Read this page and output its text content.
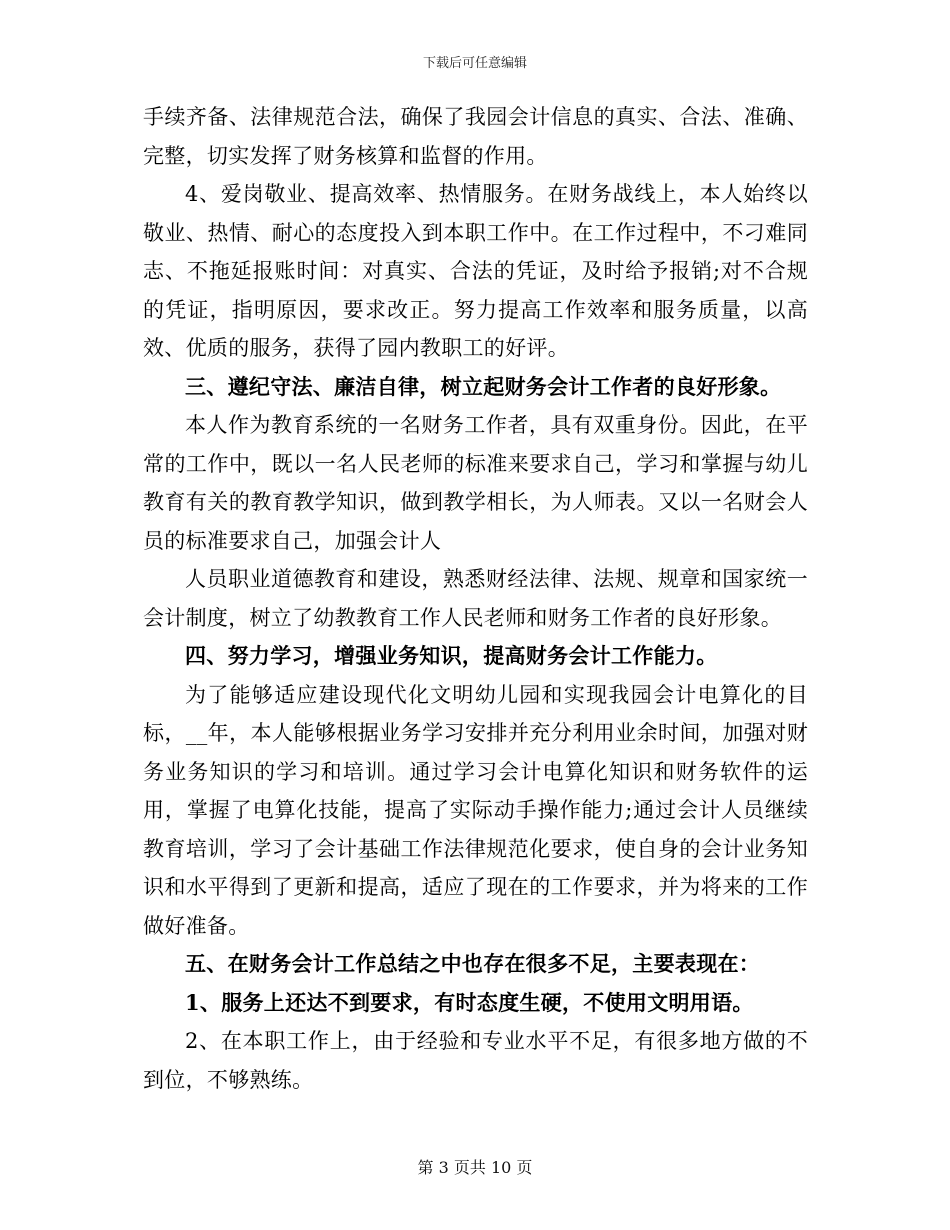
下载后可任意编辑

手续齐备、法律规范合法，确保了我园会计信息的真实、合法、准确、完整，切实发挥了财务核算和监督的作用。

4、爱岗敬业、提高效率、热情服务。在财务战线上，本人始终以敬业、热情、耐心的态度投入到本职工作中。在工作过程中，不刁难同志、不拖延报账时间：对真实、合法的凭证，及时给予报销;对不合规的凭证，指明原因，要求改正。努力提高工作效率和服务质量，以高效、优质的服务，获得了园内教职工的好评。

三、遵纪守法、廉洁自律，树立起财务会计工作者的良好形象。

本人作为教育系统的一名财务工作者，具有双重身份。因此，在平常的工作中，既以一名人民老师的标准来要求自己，学习和掌握与幼儿教育有关的教育教学知识，做到教学相长，为人师表。又以一名财会人员的标准要求自己，加强会计人

人员职业道德教育和建设，熟悉财经法律、法规、规章和国家统一会计制度，树立了幼教教育工作人民老师和财务工作者的良好形象。

四、努力学习，增强业务知识，提高财务会计工作能力。

为了能够适应建设现代化文明幼儿园和实现我园会计电算化的目标，__年，本人能够根据业务学习安排并充分利用业余时间，加强对财务业务知识的学习和培训。通过学习会计电算化知识和财务软件的运用，掌握了电算化技能，提高了实际动手操作能力;通过会计人员继续教育培训，学习了会计基础工作法律规范化要求，使自身的会计业务知识和水平得到了更新和提高，适应了现在的工作要求，并为将来的工作做好准备。

五、在财务会计工作总结之中也存在很多不足，主要表现在：

1、服务上还达不到要求，有时态度生硬，不使用文明用语。

2、在本职工作上，由于经验和专业水平不足，有很多地方做的不到位，不够熟练。

第 3 页共 10 页
